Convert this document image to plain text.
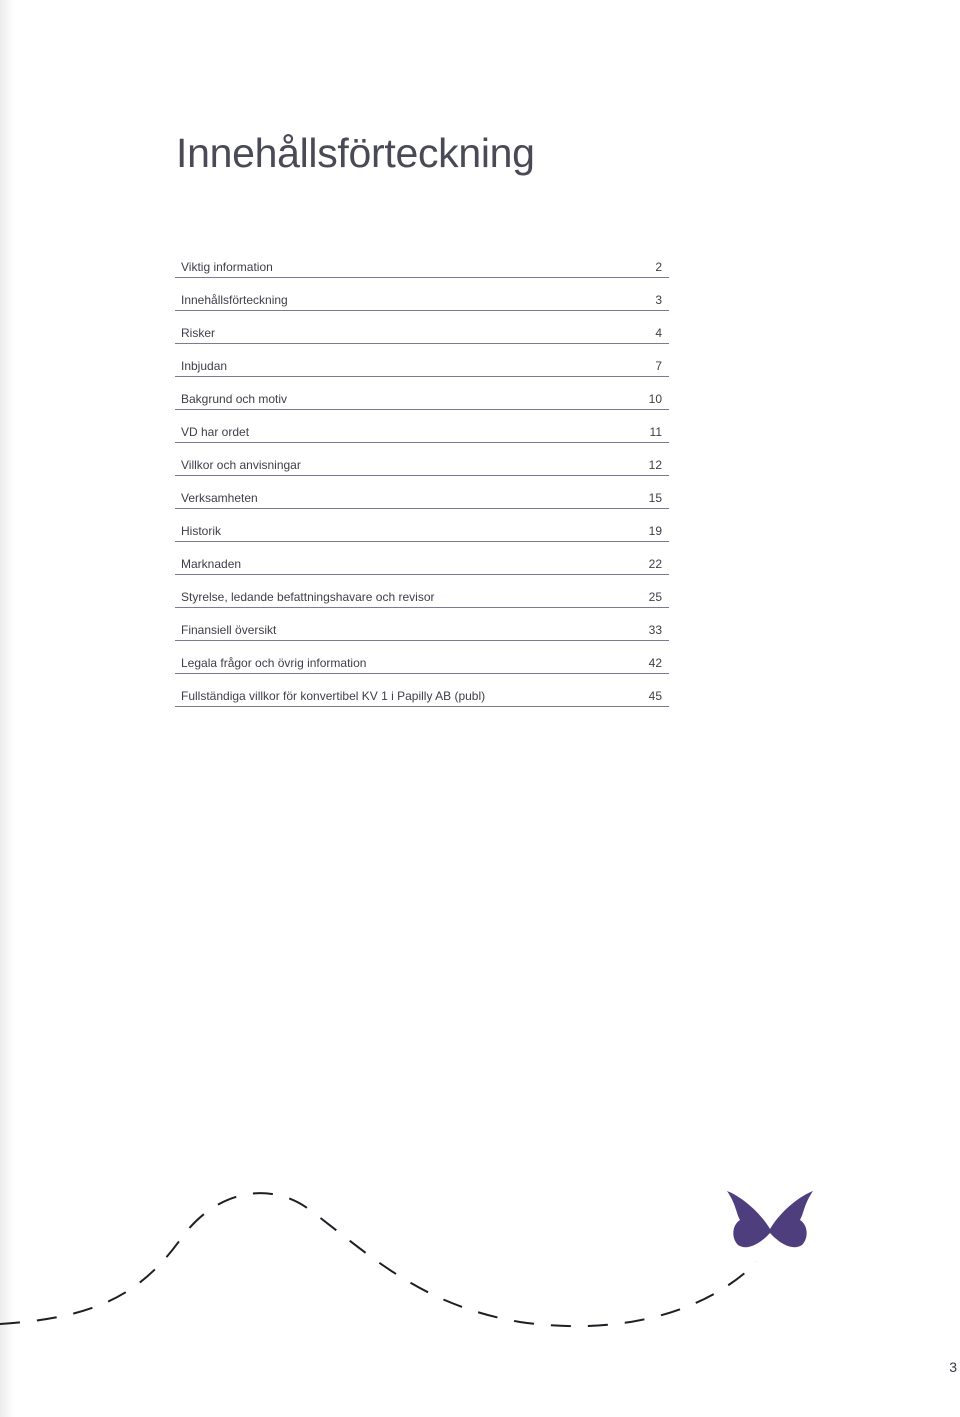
Innehållsförteckning
Viktig information	2
Innehållsförteckning	3
Risker	4
Inbjudan	7
Bakgrund och motiv	10
VD har ordet	11
Villkor och anvisningar	12
Verksamheten	15
Historik	19
Marknaden	22
Styrelse, ledande befattningshavare och revisor	25
Finansiell översikt	33
Legala frågor och övrig information	42
Fullständiga villkor för konvertibel KV 1 i Papilly AB (publ)	45
3
